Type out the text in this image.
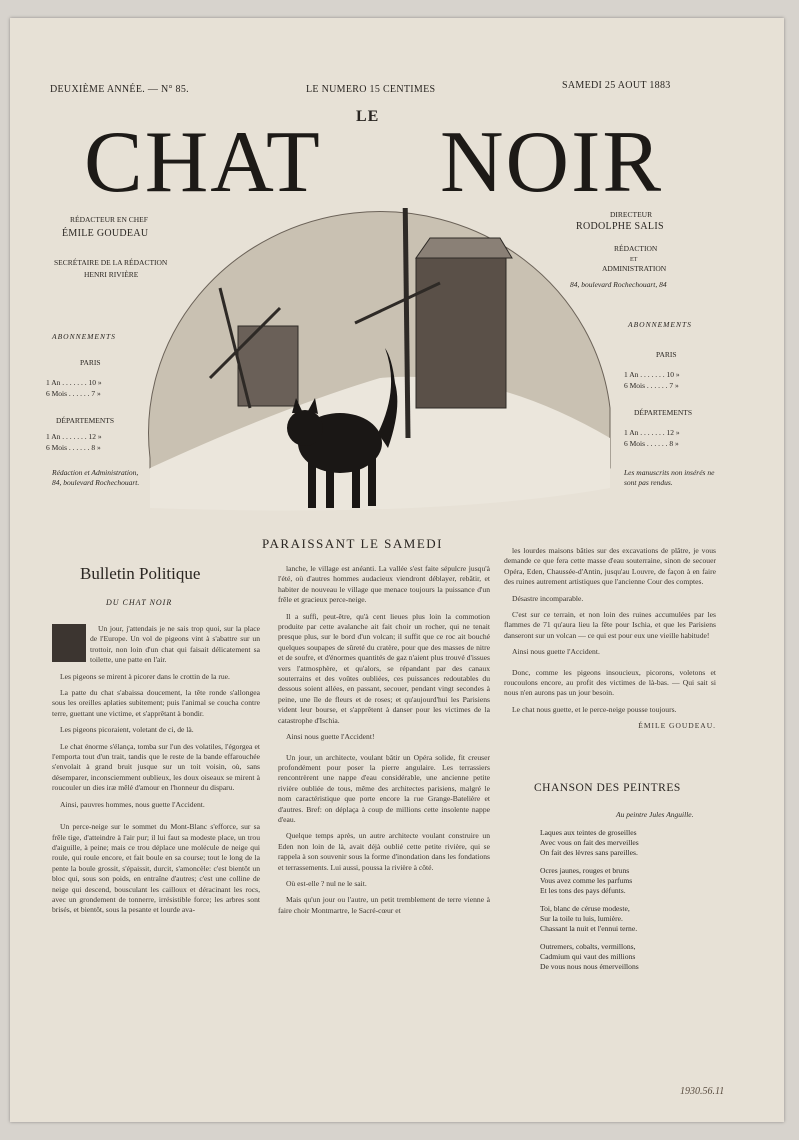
DEUXIÈME ANNÉE. — N° 85.	LE NUMERO 15 CENTIMES	SAMEDI 25 AOUT 1883
LE
CHAT NOIR
RÉDACTEUR EN CHEF
ÉMILE GOUDEAU
SECRÉTAIRE DE LA RÉDACTION
HENRI RIVIÈRE
ABONNEMENTS
PARIS
1 An . . . . . . . 10 »
6 Mois . . . . . . 7 »
DÉPARTEMENTS
1 An . . . . . . . 12 »
6 Mois . . . . . . 8 »
Rédaction et Administration, 84, boulevard Rochechouart.
DIRECTEUR
RODOLPHE SALIS
RÉDACTION
ET
ADMINISTRATION
84, boulevard Rochechouart, 84
ABONNEMENTS
PARIS
1 An . . . . . . . 10 »
6 Mois . . . . . . 7 »
DÉPARTEMENTS
1 An . . . . . . . 12 »
6 Mois . . . . . . 8 »
Les manuscrits non insérés ne sont pas rendus.
PARAISSANT LE SAMEDI
Bulletin Politique
DU CHAT NOIR

Un jour, j'attendais je ne sais trop quoi, sur la place de l'Europe. Un vol de pigeons vint à s'abattre sur un trottoir, non loin d'un chat qui faisait délicatement sa toilette, une patte en l'air.

Les pigeons se mirent à picorer dans le crottin de la rue.

La patte du chat s'abaissa doucement, la tête ronde s'allongea sous les oreilles aplaties subitement; puis l'animal se coucha contre terre, guettant une victime, et s'apprêtant à bondir.

Les pigeons picoraient, voletant de ci, de là.

Le chat énorme s'élança, tomba sur l'un des volatiles, l'égorgea et l'emporta tout d'un trait, tandis que le reste de la bande effarouchée s'envolait à grand bruit jusque sur un toit voisin, où, sans désemparer, inconsciemment oublieux, les doux oiseaux se mirent à roucouler un dies iræ mêlé d'amour en l'honneur du disparu.

Ainsi, pauvres hommes, nous guette l'Accident.

Un perce-neige sur le sommet du Mont-Blanc s'efforce, sur sa frêle tige, d'atteindre à l'air pur; il lui faut sa modeste place, un trou d'aiguille, à peine; mais ce trou déplace une molécule de neige qui roule, qui roule encore, et fait boule en sa course; tout le long de la pente la boule grossit, s'épaissit, durcit, s'amoncèle: c'est bientôt un bloc qui, sous son poids, en entraîne d'autres; c'est une colline de neige qui descend, bousculant les cailloux et déracinant les rocs, avec un grondement de tonnerre, irrésistible force; les arbres sont brisés, et bientôt, sous la pesante et lourde ava-

lanche, le village est anéanti. La vallée s'est faite sépulcre jusqu'à l'été, où d'autres hommes audacieux viendront déblayer, rebâtir, et habiter de nouveau le village que menace toujours la puissance d'un frêle et gracieux perce-neige.

Il a suffi, peut-être, qu'à cent lieues plus loin la commotion produite par cette avalanche ait fait choir un rocher, qui ne tenait presque plus, sur le bord d'un volcan; il suffit que ce roc ait bouché quelques soupapes de sûreté du cratère, pour que des masses de nitre et de soufre, et d'énormes quantités de gaz n'aient plus trouvé d'issues vers l'atmosphère, et qu'alors, se répandant par des canaux souterrains et des voûtes oubliées, ces puissances redoutables du dessous soient allées, en passant, secouer, pendant vingt secondes à peine, une île de fleurs et de roses; et qu'aujourd'hui les Parisiens vident leur bourse, et s'apprêtent à danser pour les victimes de la catastrophe d'Ischia.

Ainsi nous guette l'Accident!

Un jour, un architecte, voulant bâtir un Opéra solide, fit creuser profondément pour poser la pierre angulaire. Les terrassiers rencontrèrent une nappe d'eau considérable, une ancienne petite rivière oubliée de tous, même des architectes parisiens, malgré le nom caractéristique que porte encore la rue Grange-Batelière et d'autres. Bref: on déplaça à coup de millions cette insolente nappe d'eau.

Quelque temps après, un autre architecte voulant construire un Eden non loin de là, avait déjà oublié cette petite rivière, qui se rappela à son souvenir sous la forme d'inondation dans les fondations et terrassements. Lui aussi, poussa la rivière à côté.

Où est-elle ? nul ne le sait.

Mais qu'un jour ou l'autre, un petit tremblement de terre vienne à faire choir Montmartre, le Sacré-cœur et

les lourdes maisons bâties sur des excavations de plâtre, je vous demande ce que fera cette masse d'eau souterraine, sinon de secouer Opéra, Eden, Chaussée-d'Antin, jusqu'au Louvre, de façon à en faire des ruines autrement artistiques que l'ancienne Cour des comptes.

Désastre incomparable.

C'est sur ce terrain, et non loin des ruines accumulées par les flammes de 71 qu'aura lieu la fête pour Ischia, et que les Parisiens danseront sur un volcan — ce qui est pour eux une vieille habitude!

Ainsi nous guette l'Accident.

Donc, comme les pigeons insoucieux, picorons, voletons et roucoulons encore, au profit des victimes de là-bas. — Qui sait si nous n'en aurons pas un jour besoin.

Le chat nous guette, et le perce-neige pousse toujours.

ÉMILE GOUDEAU.
CHANSON DES PEINTRES
Au peintre Jules Anguille.
Laques aux teintes de groseilles
Avec vous on fait des merveilles
On fait des lèvres sans pareilles.
Ocres jaunes, rouges et bruns
Vous avez comme les parfums
Et les tons des pays défunts.
Toi, blanc de céruse modeste,
Sur la toile tu luis, lumière.
Chassant la nuit et l'ennui terne.
Outremers, cobalts, vermillons,
Cadmium qui vaut des millions
De vous nous nous émerveillons
1930.56.11
